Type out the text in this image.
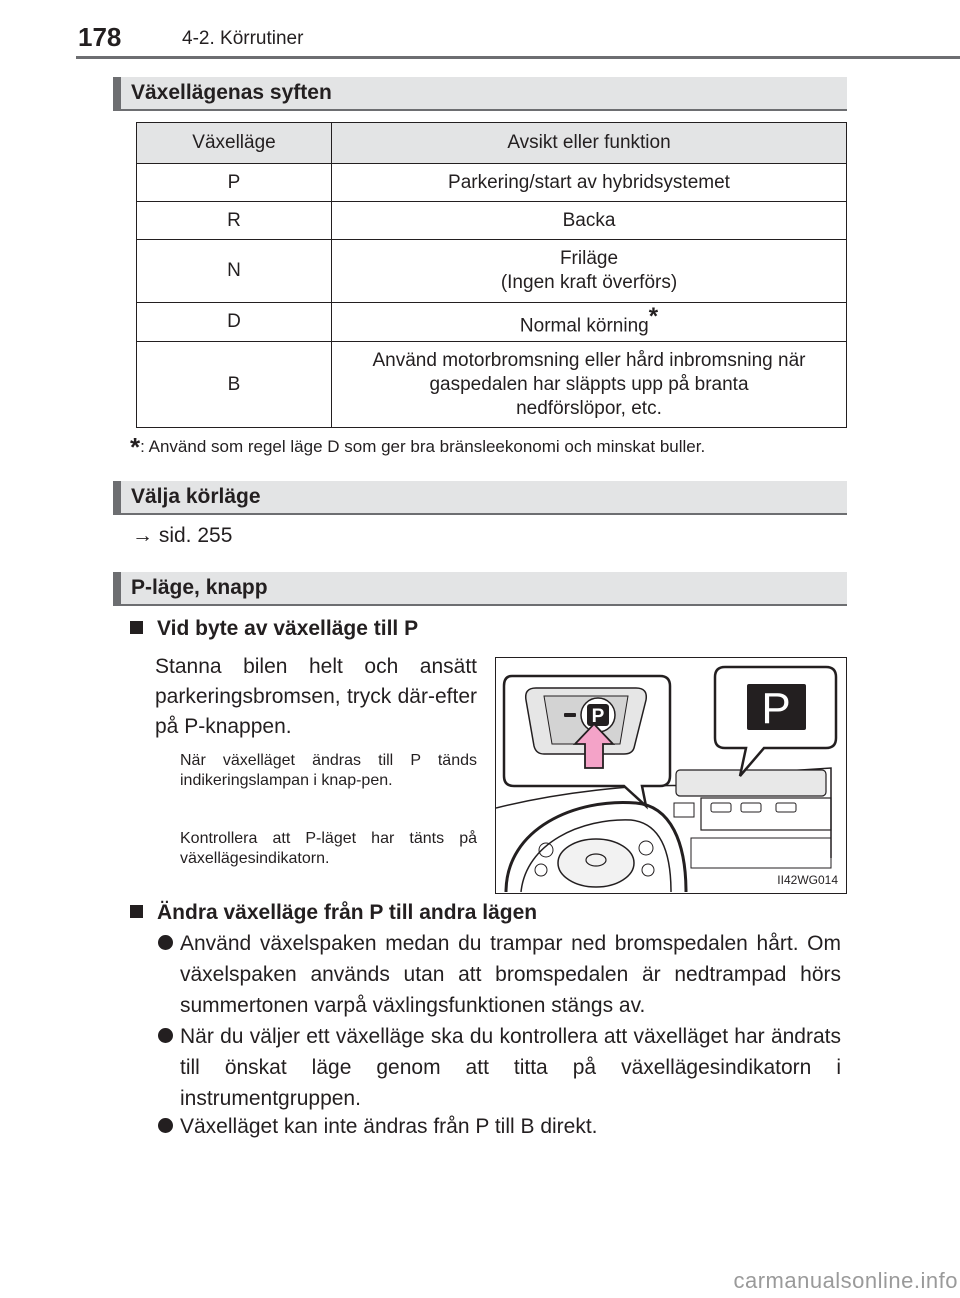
178	4-2. Körrutiner
Växellägenas syften
Växelläge	Avsikt eller funktion
P	Parkering/start av hybridsystemet
R	Backa
N	Friläge
(Ingen kraft överförs)

D	Normal körning*
B	Använd motorbromsning eller hård inbromsning när
gaspedalen har släppts upp på branta
nedförslöpor, etc.
*: Använd som regel läge D som ger bra bränsleekonomi och minskat buller.
Välja körläge
→ sid. 255
P-läge, knapp
Vid byte av växelläge till P
Stanna bilen helt och ansätt parkeringsbromsen, tryck där-efter på P-knappen.
När växelläget ändras till P tänds indikeringslampan i knap-pen.
Kontrollera att P-läget har tänts på växellägesindikatorn.
P	P
II42WG014
Ändra växelläge från P till andra lägen

Använd växelspaken medan du trampar ned bromspedalen hårt. Om växelspaken används utan att bromspedalen är nedtrampad hörs summertonen varpå växlingsfunktionen stängs av.

När du väljer ett växelläge ska du kontrollera att växelläget har ändrats till önskat läge genom att titta på växellägesindikatorn i instrumentgruppen.

Växelläget kan inte ändras från P till B direkt.

carmanualsonline.info
